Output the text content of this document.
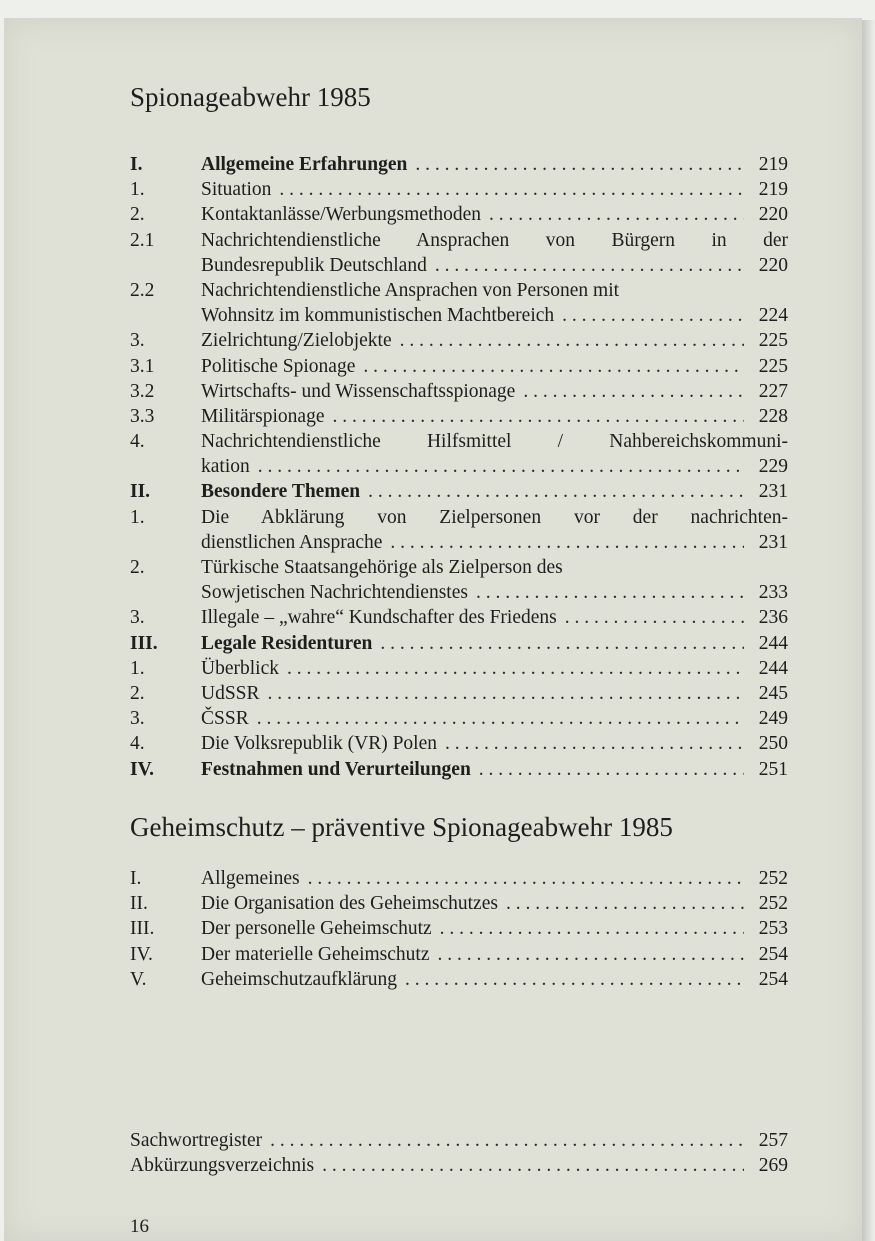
Spionageabwehr 1985
I.	Allgemeine Erfahrungen . . .	219
1.	Situation . . .	219
2.	Kontaktanlässe/Werbungsmethoden . . .	220
2.1	Nachrichtendienstliche Ansprachen von Bürgern in der
Bundesrepublik Deutschland . . .	220
2.2	Nachrichtendienstliche Ansprachen von Personen mit
Wohnsitz im kommunistischen Machtbereich . . .	224
3.	Zielrichtung/Zielobjekte . . .	225
3.1	Politische Spionage . . .	225
3.2	Wirtschafts- und Wissenschaftsspionage . . .	227
3.3	Militärspionage . . .	228
4.	Nachrichtendienstliche Hilfsmittel / Nahbereichskommuni-
kation . . .	229
II.	Besondere Themen . . .	231
1.	Die Abklärung von Zielpersonen vor der nachrichten-
dienstlichen Ansprache . . .	231
2.	Türkische Staatsangehörige als Zielperson des
Sowjetischen Nachrichtendienstes . . .	233
3.	Illegale – „wahre“ Kundschafter des Friedens . . .	236
III.	Legale Residenturen . . .	244
1.	Überblick . . .	244
2.	UdSSR . . .	245
3.	ČSSR . . .	249
4.	Die Volksrepublik (VR) Polen . . .	250
IV.	Festnahmen und Verurteilungen . . .	251
Geheimschutz – präventive Spionageabwehr 1985
I.	Allgemeines . . .	252
II.	Die Organisation des Geheimschutzes . . .	252
III.	Der personelle Geheimschutz . . .	253
IV.	Der materielle Geheimschutz . . .	254
V.	Geheimschutzaufklärung . . .	254
Sachwortregister . . .	257
Abkürzungsverzeichnis . . .	269
16
